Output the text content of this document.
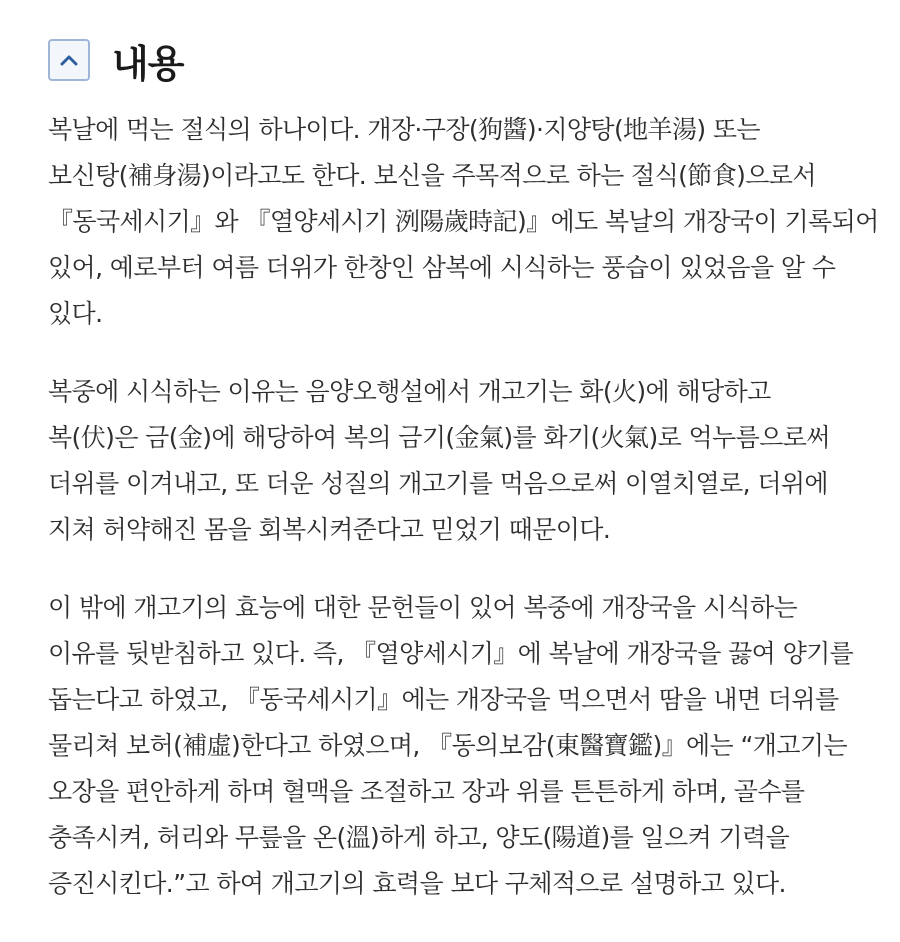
내용

복날에 먹는 절식의 하나이다. 개장·구장(狗醬)·지양탕(地羊湯) 또는
보신탕(補身湯)이라고도 한다. 보신을 주목적으로 하는 절식(節食)으로서
『동국세시기』와 『열양세시기 洌陽歲時記)』에도 복날의 개장국이 기록되어
있어, 예로부터 여름 더위가 한창인 삼복에 시식하는 풍습이 있었음을 알 수
있다.

복중에 시식하는 이유는 음양오행설에서 개고기는 화(火)에 해당하고
복(伏)은 금(金)에 해당하여 복의 금기(金氣)를 화기(火氣)로 억누름으로써
더위를 이겨내고, 또 더운 성질의 개고기를 먹음으로써 이열치열로, 더위에
지쳐 허약해진 몸을 회복시켜준다고 믿었기 때문이다.

이 밖에 개고기의 효능에 대한 문헌들이 있어 복중에 개장국을 시식하는
이유를 뒷받침하고 있다. 즉, 『열양세시기』에 복날에 개장국을 끓여 양기를
돕는다고 하였고, 『동국세시기』에는 개장국을 먹으면서 땀을 내면 더위를
물리쳐 보허(補虛)한다고 하였으며, 『동의보감(東醫寶鑑)』에는 “개고기는
오장을 편안하게 하며 혈맥을 조절하고 장과 위를 튼튼하게 하며, 골수를
충족시켜, 허리와 무릎을 온(溫)하게 하고, 양도(陽道)를 일으켜 기력을
증진시킨다.”고 하여 개고기의 효력을 보다 구체적으로 설명하고 있다.
